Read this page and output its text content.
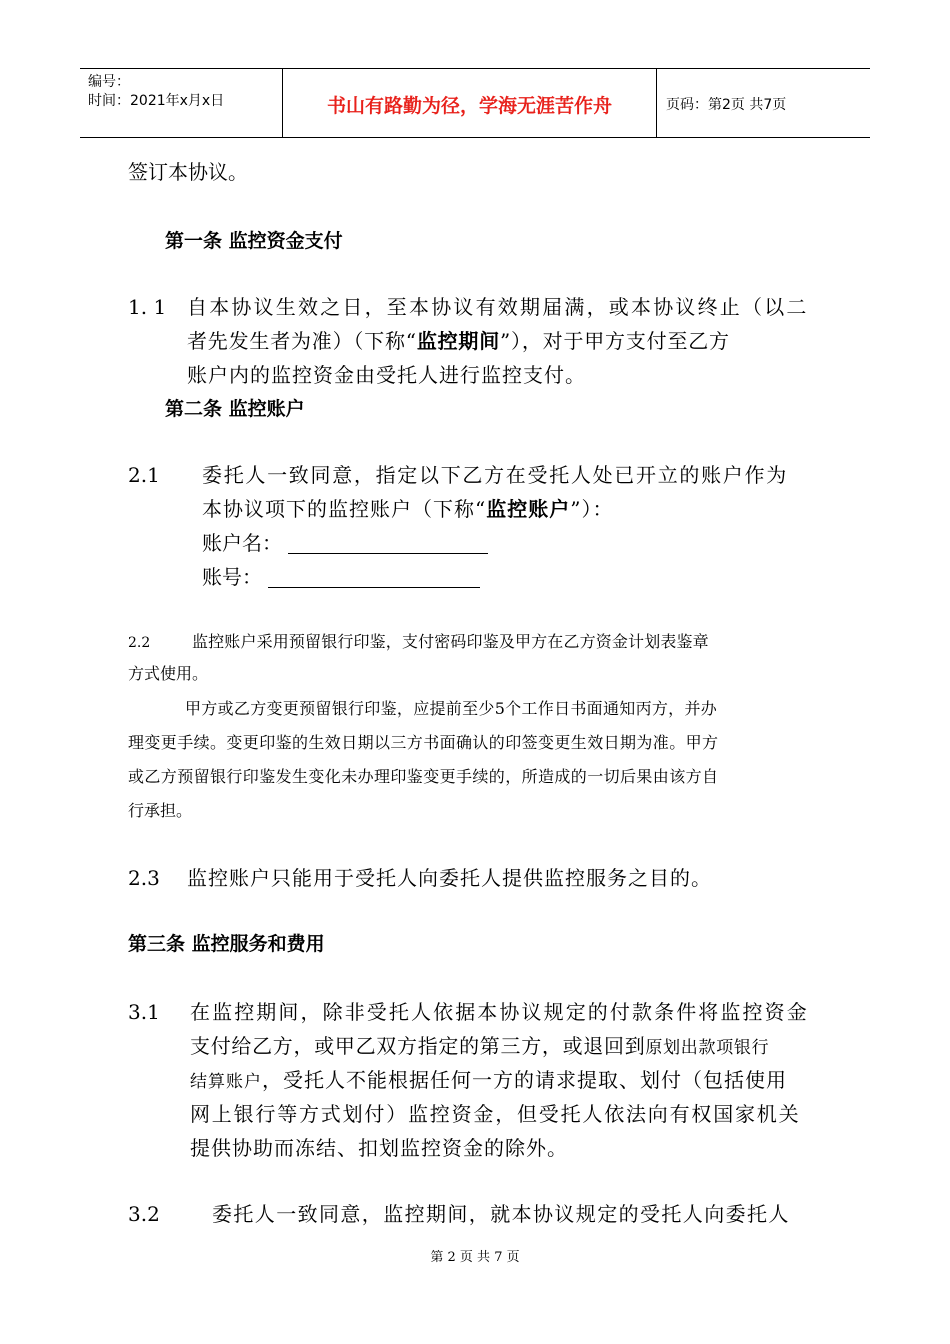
编号：
时间：2021年x月x日	书山有路勤为径，学海无涯苦作舟	页码：第2页 共7页
签订本协议。
第一条 监控资金支付
1. 1 自本协议生效之日，至本协议有效期届满，或本协议终止（以二
者先发生者为准）（下称“监控期间”），对于甲方支付至乙方
账户内的监控资金由受托人进行监控支付。
第二条 监控账户
2.1 委托人一致同意，指定以下乙方在受托人处已开立的账户作为
本协议项下的监控账户（下称“监控账户”）：
账户名：
账号：
2.2	监控账户采用预留银行印鉴，支付密码印鉴及甲方在乙方资金计划表鉴章
方式使用。
甲方或乙方变更预留银行印鉴，应提前至少5个工作日书面通知丙方，并办
理变更手续。变更印鉴的生效日期以三方书面确认的印签变更生效日期为准。甲方
或乙方预留银行印鉴发生变化未办理印鉴变更手续的，所造成的一切后果由该方自
行承担。
2.3 监控账户只能用于受托人向委托人提供监控服务之目的。
第三条 监控服务和费用
3.1 在监控期间，除非受托人依据本协议规定的付款条件将监控资金
支付给乙方，或甲乙双方指定的第三方，或退回到原划出款项银行
结算账户，受托人不能根据任何一方的请求提取、划付（包括使用
网上银行等方式划付）监控资金，但受托人依法向有权国家机关
提供协助而冻结、扣划监控资金的除外。
3.2	委托人一致同意，监控期间，就本协议规定的受托人向委托人
第 2 页 共 7 页
